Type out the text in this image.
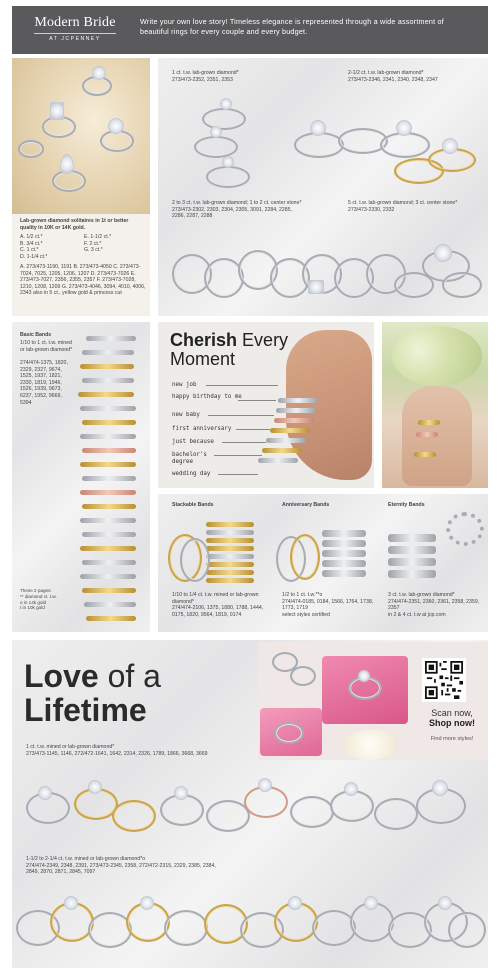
Modern Bride
AT JCPENNEY
Write your own love story! Timeless elegance is represented through a wide assortment of beautiful rings for every couple and every budget.
Lab-grown diamond solitaires in 1t or better quality in 10K or 14K gold.
A. 1/2 ct.*
B. 3/4 ct.*
C. 1 ct.*
D. 1-1/4 ct.*
E. 1-1/2 ct.*
F. 2 ct.*
G. 3 ct.*
A. 273/473-1190, 1191 B. 273/473-4050 C. 273/473-7024, 7025, 1205, 1206, 1207 D. 273/473-7026 E. 273/473-7027, 2356, 2355, 2357 F. 273/473-7028, 1210, 1208, 1209 G. 273/473-4046, 3094, 4010, 4006, 2343 also in 5 ct., yellow gold & princess cut
1 ct. t.w. lab-grown diamond*
273/473-2352, 2351, 2353
2-1/2 ct. t.w. lab-grown diamond*
273/473-2346, 2341, 2340, 2348, 2347
2 to 3 ct. t.w. lab-grown diamond; 1 to 2 ct. center stone*
273/473-2302, 2303, 2304, 2305, 3091, 2284, 2285, 2286, 2287, 2288
5 ct. t.w. lab-grown diamond; 3 ct. center stone*
273/473-2330, 2332
Basic Bands
1/10 to 1 ct. t.w. mined or lab-grown diamond*
274/474-1375, 1820, 2329, 2327, 9674, 1525, 1937, 1821, 2330, 1819, 1946, 1526, 1939, 9673, 6237, 1952, 9669, 5394
These 2 pages:
** diamond ct. t.w.
o in 14k gold
t in 10k gold
Cherish Every
Moment
new job
happy birthday to me
new baby
first anniversary
just because
bachelor's degree
wedding day
Stackable Bands	Anniversary Bands	Eternity Bands
1/10 to 1/4 ct. t.w. mined or lab-grown diamond*
274/474-2106, 1375, 1880, 1788, 1444, 0175, 1820, 9564, 1819, 0174
1/2 to 1 ct. t.w.**o
274/474-0185, 0184, 1566, 1764, 1738, 1773, 1719
select styles certified
3 ct. t.w. lab-grown diamond*
274/474-2351, 2360, 2361, 2358, 2359, 2357
in 2 & 4 ct. t.w at jcp.com
Love of a
Lifetime
1 ct. t.w. mined or lab-grown diamond*
273/473-1145, 1146, 272/472-1641, 1642, 2314, 2326, 1789, 1866, 3668, 3669
1-1/2 to 2-1/4 ct. t.w. mined or lab-grown diamond*o
274/474-2349, 2348, 2391, 273/473-2345, 2358, 272/472-2315, 2329, 2385, 2384, 2849, 2870, 2871, 2845, 7097
Scan now,
Shop now!
Find more styles!
